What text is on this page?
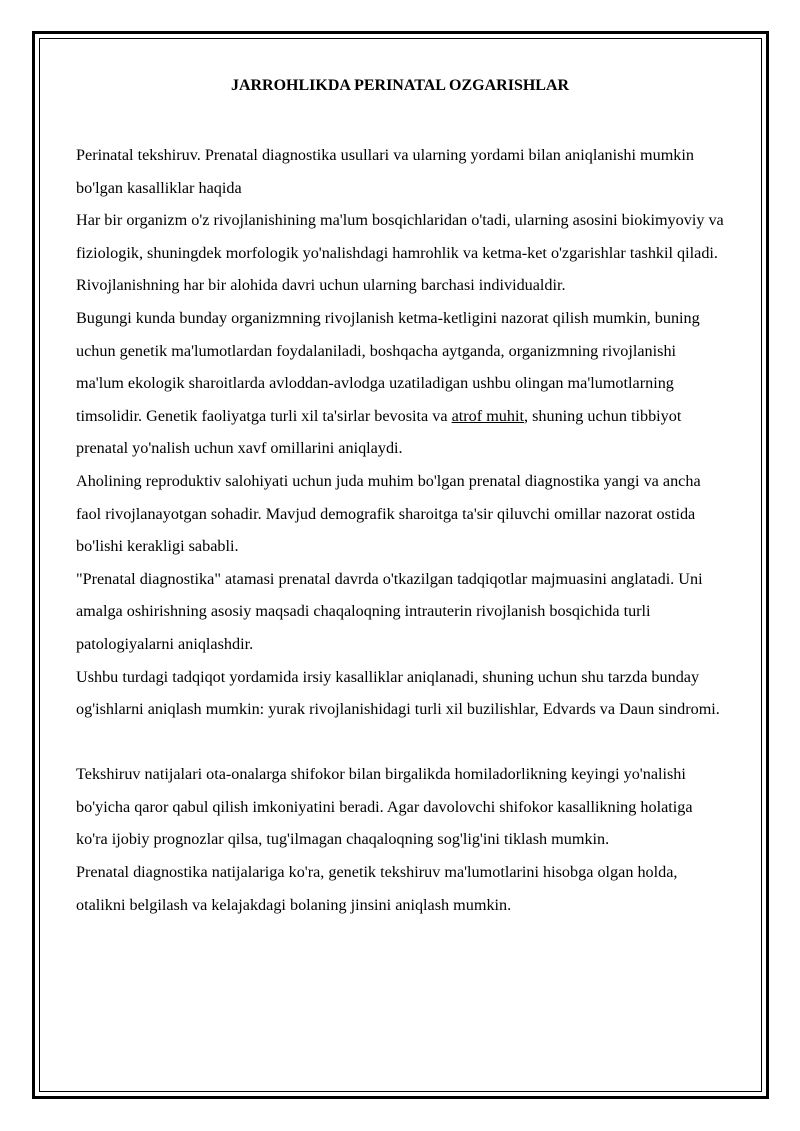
JARROHLIKDA PERINATAL OZGARISHLAR

Perinatal tekshiruv. Prenatal diagnostika usullari va ularning yordami bilan aniqlanishi mumkin bo'lgan kasalliklar haqida

Har bir organizm o'z rivojlanishining ma'lum bosqichlaridan o'tadi, ularning asosini biokimyoviy va fiziologik, shuningdek morfologik yo'nalishdagi hamrohlik va ketma-ket o'zgarishlar tashkil qiladi. Rivojlanishning har bir alohida davri uchun ularning barchasi individualdir.

Bugungi kunda bunday organizmning rivojlanish ketma-ketligini nazorat qilish mumkin, buning uchun genetik ma'lumotlardan foydalaniladi, boshqacha aytganda, organizmning rivojlanishi ma'lum ekologik sharoitlarda avloddan-avlodga uzatiladigan ushbu olingan ma'lumotlarning timsolidir. Genetik faoliyatga turli xil ta'sirlar bevosita va atrof muhit, shuning uchun tibbiyot prenatal yo'nalish uchun xavf omillarini aniqlaydi.

Aholining reproduktiv salohiyati uchun juda muhim bo'lgan prenatal diagnostika yangi va ancha faol rivojlanayotgan sohadir. Mavjud demografik sharoitga ta'sir qiluvchi omillar nazorat ostida bo'lishi kerakligi sababli.

"Prenatal diagnostika" atamasi prenatal davrda o'tkazilgan tadqiqotlar majmuasini anglatadi. Uni amalga oshirishning asosiy maqsadi chaqaloqning intrauterin rivojlanish bosqichida turli patologiyalarni aniqlashdir.

Ushbu turdagi tadqiqot yordamida irsiy kasalliklar aniqlanadi, shuning uchun shu tarzda bunday og'ishlarni aniqlash mumkin: yurak rivojlanishidagi turli xil buzilishlar, Edvards va Daun sindromi.

Tekshiruv natijalari ota-onalarga shifokor bilan birgalikda homiladorlikning keyingi yo'nalishi bo'yicha qaror qabul qilish imkoniyatini beradi. Agar davolovchi shifokor kasallikning holatiga ko'ra ijobiy prognozlar qilsa, tug'ilmagan chaqaloqning sog'lig'ini tiklash mumkin.

Prenatal diagnostika natijalariga ko'ra, genetik tekshiruv ma'lumotlarini hisobga olgan holda, otalikni belgilash va kelajakdagi bolaning jinsini aniqlash mumkin.
